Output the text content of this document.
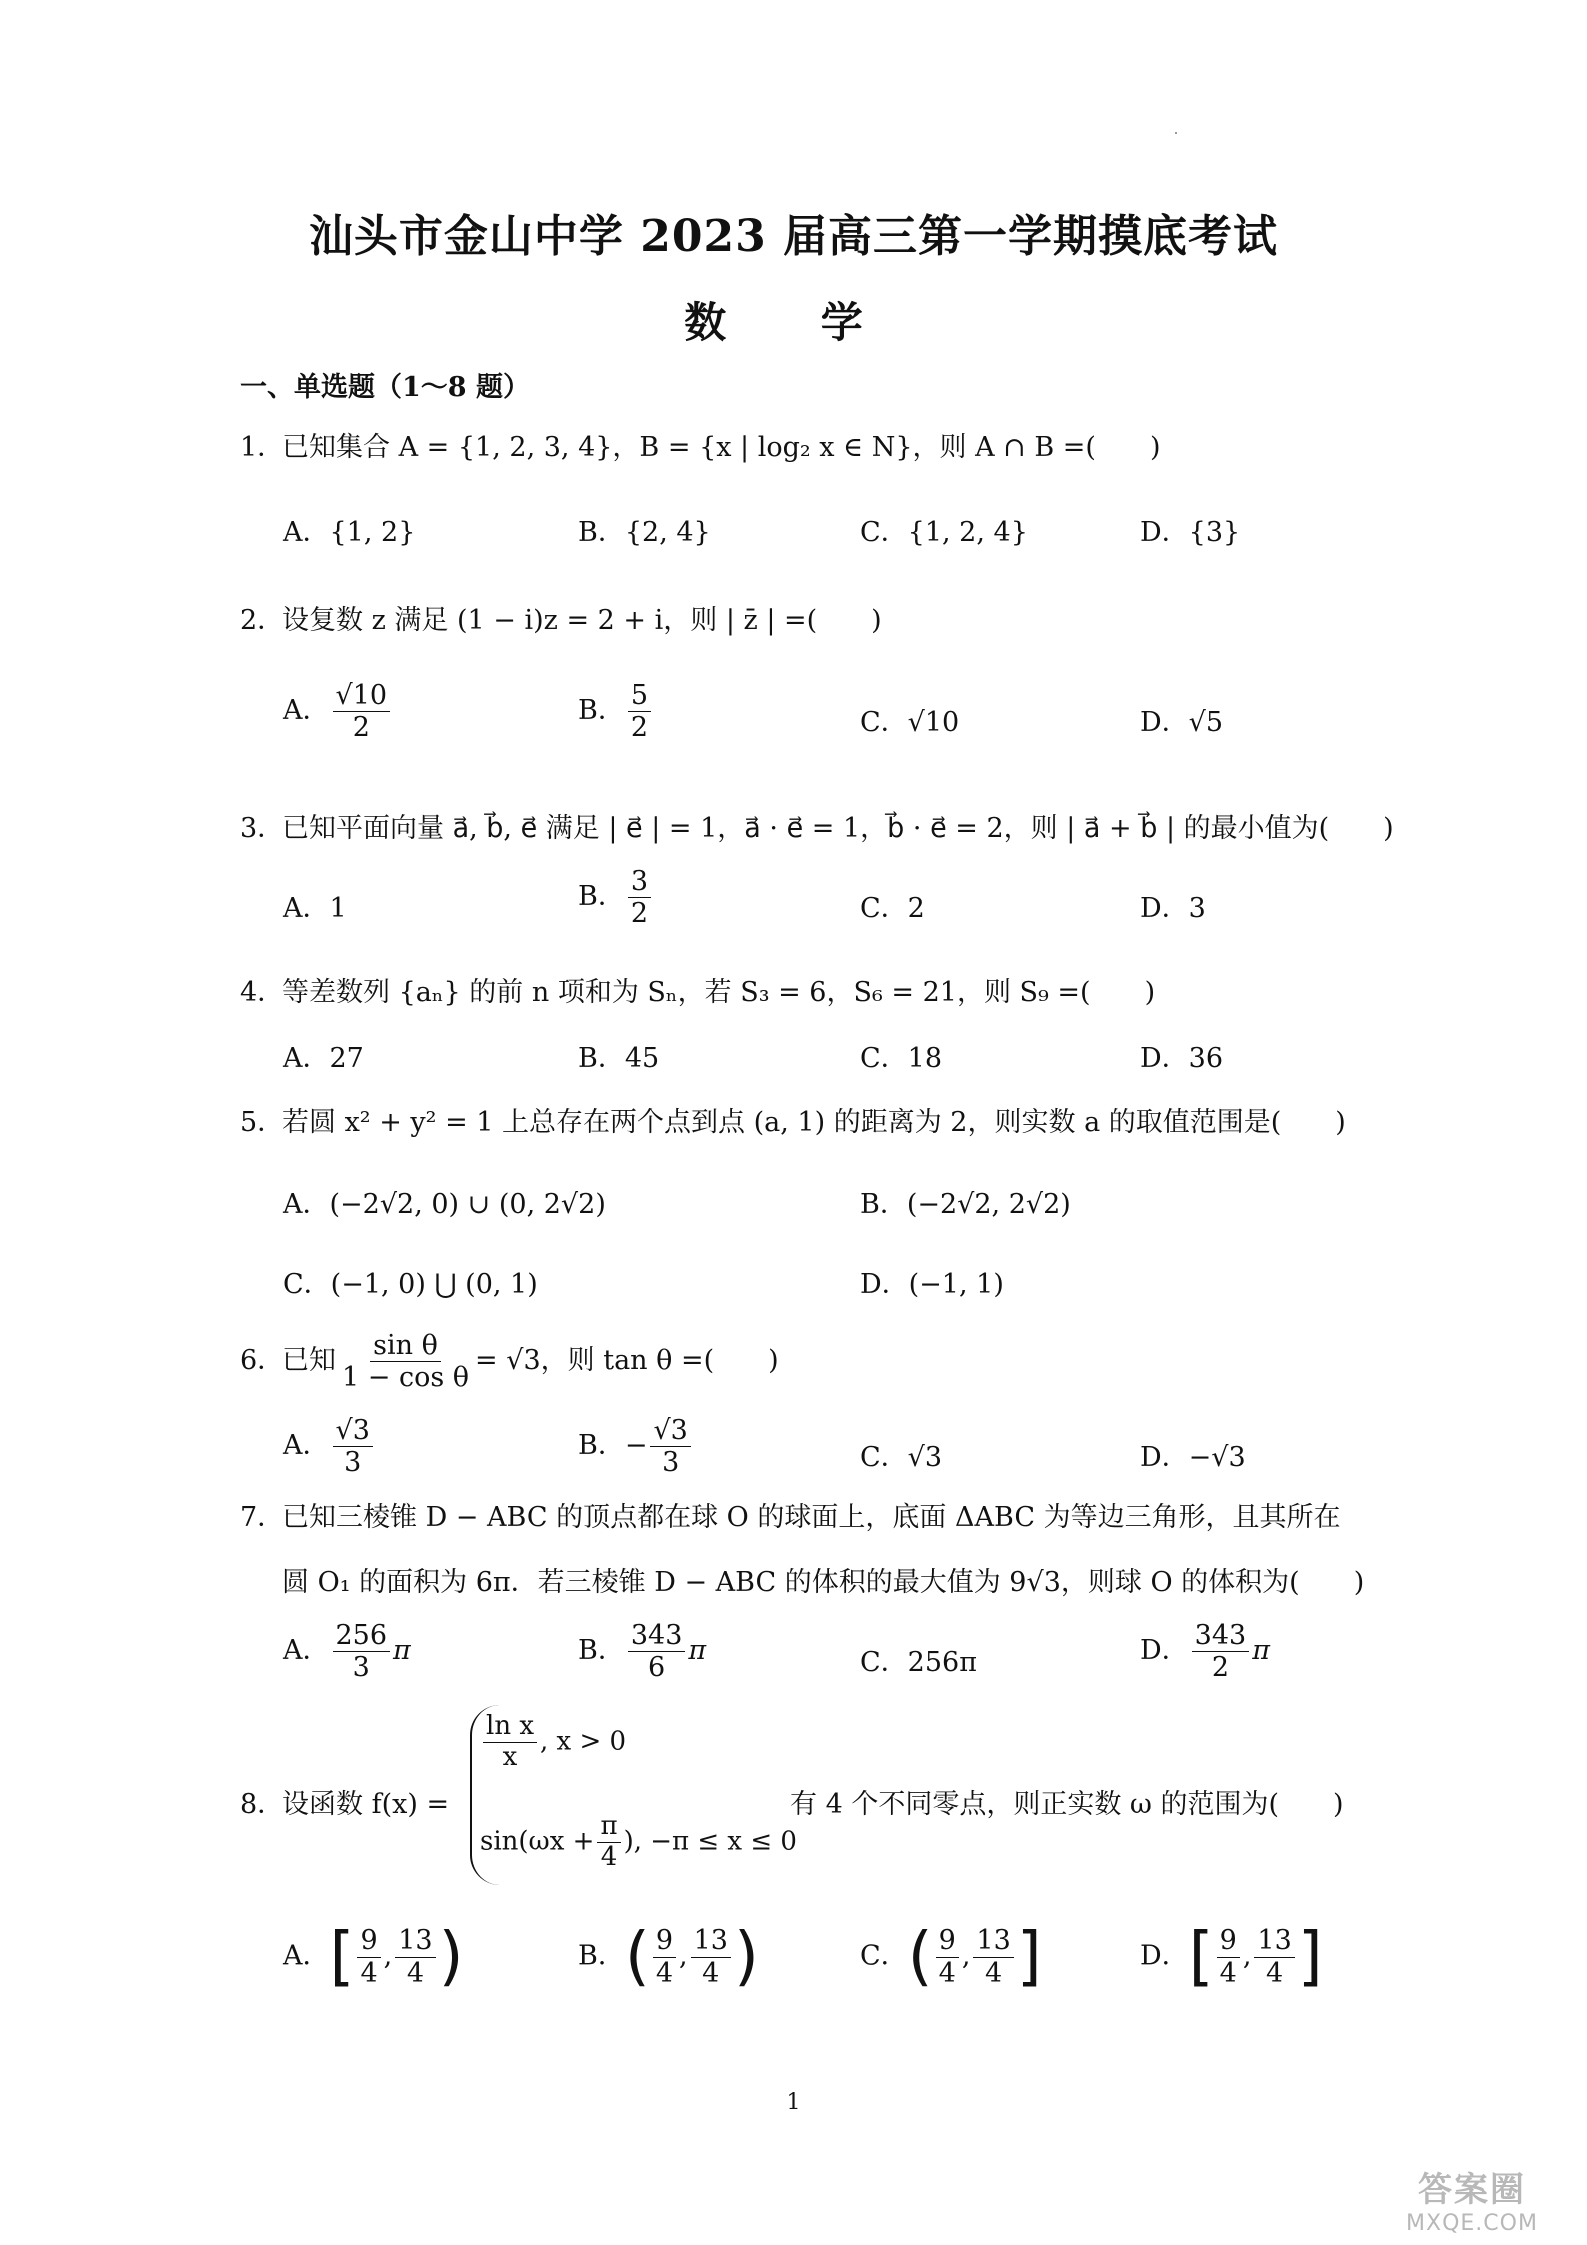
汕头市金山中学 2023 届高三第一学期摸底考试
数 学
一、单选题（1～8 题）
1．已知集合 A = {1, 2, 3, 4}，B = {x | log₂ x ∈ N}，则 A ∩ B =(　　)
A．{1, 2}	B．{2, 4}	C．{1, 2, 4}	D．{3}
2．设复数 z 满足 (1 − i)z = 2 + i，则 | z̄ | =(　　)
A． $\frac{√10}{2}$	B． $\frac{5}{2}$	C．√10	D．√5
3．已知平面向量 a⃗, b⃗, e⃗ 满足 | e⃗ | = 1，a⃗ · e⃗ = 1，b⃗ · e⃗ = 2，则 | a⃗ + b⃗ | 的最小值为(　　)
A．1	B． $\frac{3}{2}$	C．2	D．3
4．等差数列 {aₙ} 的前 n 项和为 Sₙ，若 S₃ = 6，S₆ = 21，则 S₉ =(　　)
A．27	B．45	C．18	D．36
5．若圆 x² + y² = 1 上总存在两个点到点 (a, 1) 的距离为 2，则实数 a 的取值范围是(　　)
A．(−2√2, 0) ∪ (0, 2√2)	B．(−2√2, 2√2)
C．(−1, 0) ⋃ (0, 1)	D．(−1, 1)
6．已知 $\frac{\text{sin θ}}{\text{1 − cos θ}} = √3$，则 tan θ =(　　)
A． $\frac{√3}{3}$	B．− $\frac{√3}{3}$	C．√3	D．−√3
7．已知三棱锥 D − ABC 的顶点都在球 O 的球面上，底面 ΔABC 为等边三角形，且其所在
圆 O₁ 的面积为 6π．若三棱锥 D − ABC 的体积的最大值为 9√3，则球 O 的体积为(　　)
A． $\frac{256}{3}$ π	B． $\frac{343}{6}$ π	C．256π	D． $\frac{343}{2}$ π
8．设函数 f(x) =
$\frac{\text{ln x}}{x}$ , x > 0
$\sin(\omega x + \frac{\pi}{4}$ ), −π ≤ x ≤ 0
有 4 个不同零点，则正实数 ω 的范围为(　　)
A．[ $\frac{9}{4}$ , $\frac{13}{4}$ )	B．( $\frac{9}{4}$ , $\frac{13}{4}$ )	C．( $\frac{9}{4}$ , $\frac{13}{4}$ ]	D．[ $\frac{9}{4}$ , $\frac{13}{4}$ ]
1
答案圈
MXQE.COM
